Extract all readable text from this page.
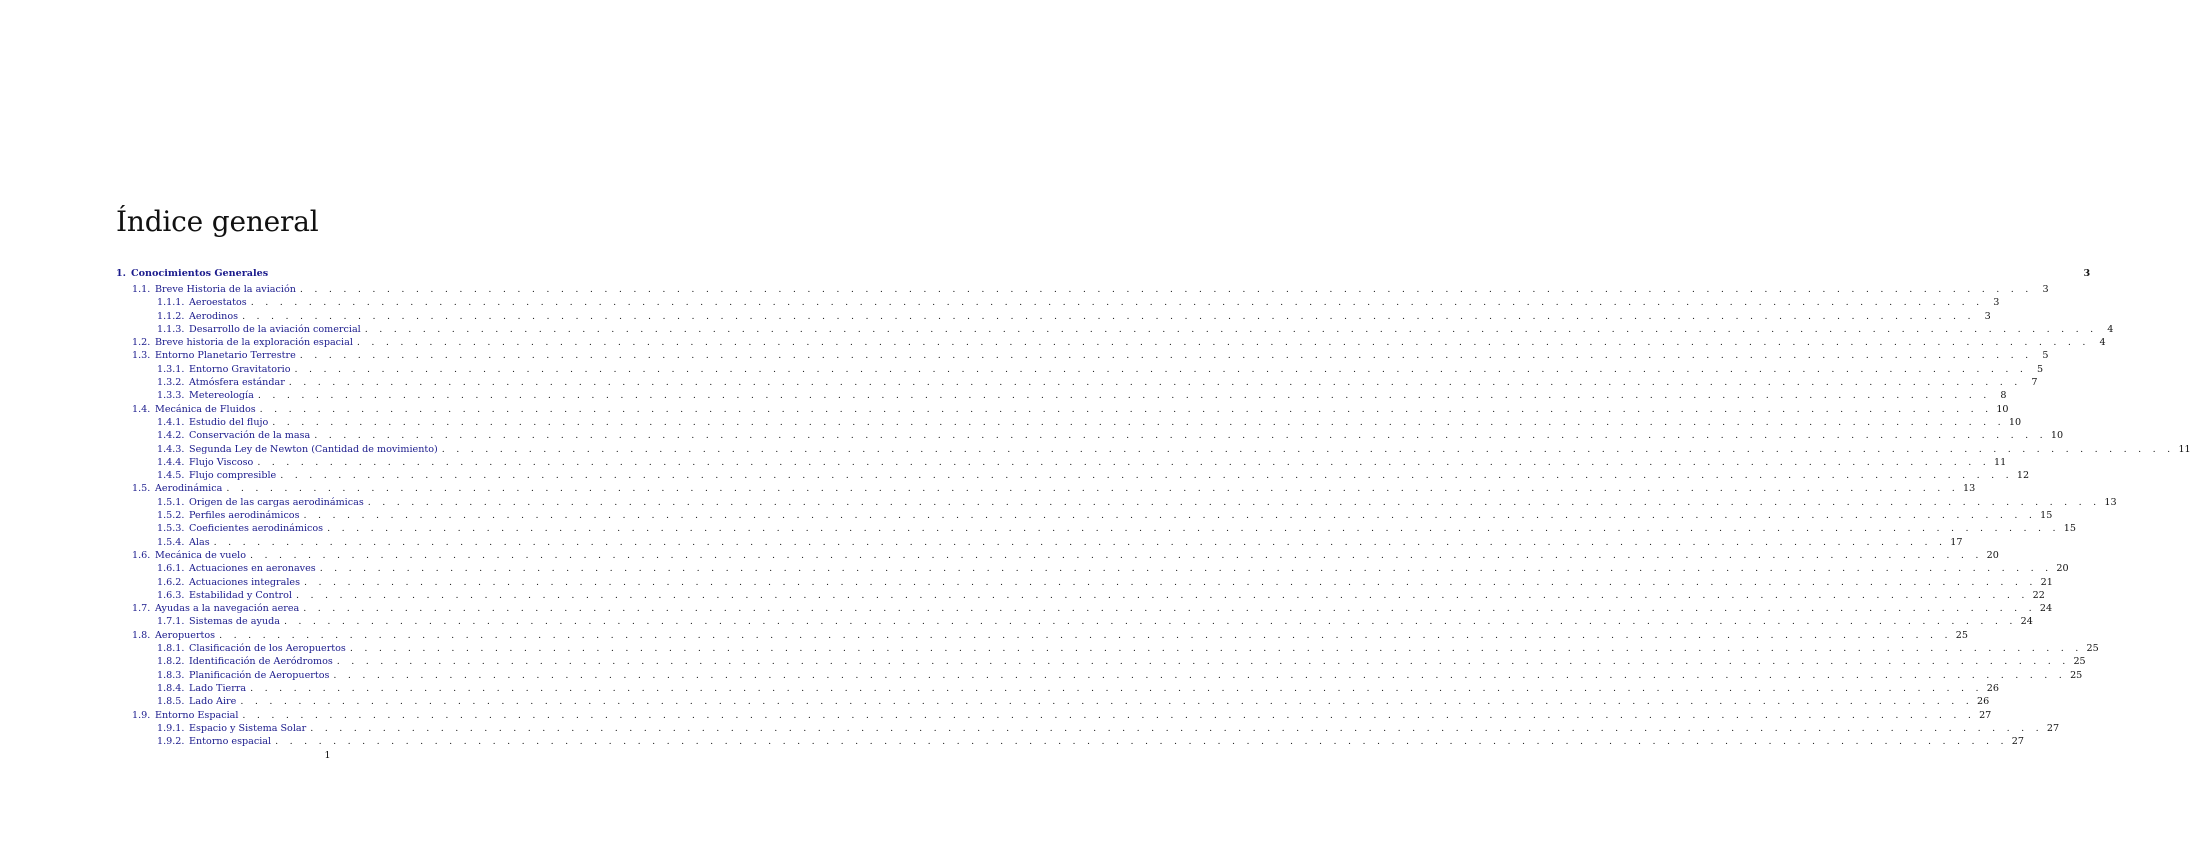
Índice general
1. Conocimientos Generales	3
1.1. Breve Historia de la aviación . . . . . . . . . . . . . . . . . . . . . . . . . . . . . . . . . . . . . . . . . . . . . . . . . . . . . . . . . . . . . . . . . . . . . . . . . . . . . . . . . . . . . . . . . . . . . . . . . . . . . . . . . . . . . . . . . . . . . . . .	3
1.1.1. Aeroestatos . . . . . . . . . . . . . . . . . . . . . . . . . . . . . . . . . . . . . . . . . . . . . . . . . . . . . . . . . . . . . . . . . . . . . . . . . . . . . . . . . . . . . . . . . . . . . . . . . . . . . . . . . . . . . . . . . . . . . . . .	3
1.1.2. Aerodinos . . . . . . . . . . . . . . . . . . . . . . . . . . . . . . . . . . . . . . . . . . . . . . . . . . . . . . . . . . . . . . . . . . . . . . . . . . . . . . . . . . . . . . . . . . . . . . . . . . . . . . . . . . . . . . . . . . . . . . . .	3
1.1.3. Desarrollo de la aviación comercial . . . . . . . . . . . . . . . . . . . . . . . . . . . . . . . . . . . . . . . . . . . . . . . . . . . . . . . . . . . . . . . . . . . . . . . . . . . . . . . . . . . . . . . . . . . . . . . . . . . . . . . . . . . . . . . . . . . . . . . .	4
1.2. Breve historia de la exploración espacial . . . . . . . . . . . . . . . . . . . . . . . . . . . . . . . . . . . . . . . . . . . . . . . . . . . . . . . . . . . . . . . . . . . . . . . . . . . . . . . . . . . . . . . . . . . . . . . . . . . . . . . . . . . . . . . . . . . . . . . .	4
1.3. Entorno Planetario Terrestre . . . . . . . . . . . . . . . . . . . . . . . . . . . . . . . . . . . . . . . . . . . . . . . . . . . . . . . . . . . . . . . . . . . . . . . . . . . . . . . . . . . . . . . . . . . . . . . . . . . . . . . . . . . . . . . . . . . . . . . .	5
1.3.1. Entorno Gravitatorio . . . . . . . . . . . . . . . . . . . . . . . . . . . . . . . . . . . . . . . . . . . . . . . . . . . . . . . . . . . . . . . . . . . . . . . . . . . . . . . . . . . . . . . . . . . . . . . . . . . . . . . . . . . . . . . . . . . . . . . .	5
1.3.2. Atmósfera estándar . . . . . . . . . . . . . . . . . . . . . . . . . . . . . . . . . . . . . . . . . . . . . . . . . . . . . . . . . . . . . . . . . . . . . . . . . . . . . . . . . . . . . . . . . . . . . . . . . . . . . . . . . . . . . . . . . . . . . . . .	7
1.3.3. Metereología . . . . . . . . . . . . . . . . . . . . . . . . . . . . . . . . . . . . . . . . . . . . . . . . . . . . . . . . . . . . . . . . . . . . . . . . . . . . . . . . . . . . . . . . . . . . . . . . . . . . . . . . . . . . . . . . . . . . . . . .	8
1.4. Mecánica de Fluidos . . . . . . . . . . . . . . . . . . . . . . . . . . . . . . . . . . . . . . . . . . . . . . . . . . . . . . . . . . . . . . . . . . . . . . . . . . . . . . . . . . . . . . . . . . . . . . . . . . . . . . . . . . . . . . . . . . . . . . . . 10
1.4.1. Estudio del flujo . . . . . . . . . . . . . . . . . . . . . . . . . . . . . . . . . . . . . . . . . . . . . . . . . . . . . . . . . . . . . . . . . . . . . . . . . . . . . . . . . . . . . . . . . . . . . . . . . . . . . . . . . . . . . . . . . . . . . . . . 10
1.4.2. Conservación de la masa . . . . . . . . . . . . . . . . . . . . . . . . . . . . . . . . . . . . . . . . . . . . . . . . . . . . . . . . . . . . . . . . . . . . . . . . . . . . . . . . . . . . . . . . . . . . . . . . . . . . . . . . . . . . . . . . . . . . . . . . 10
1.4.3. Segunda Ley de Newton (Cantidad de movimiento) . . . . . . . . . . . . . . . . . . . . . . . . . . . . . . . . . . . . . . . . . . . . . . . . . . . . . . . . . . . . . . . . . . . . . . . . . . . . . . . . . . . . . . . . . . . . . . . . . . . . . . . . . . . . . . . . . . . . . . . . 11
1.4.4. Flujo Viscoso . . . . . . . . . . . . . . . . . . . . . . . . . . . . . . . . . . . . . . . . . . . . . . . . . . . . . . . . . . . . . . . . . . . . . . . . . . . . . . . . . . . . . . . . . . . . . . . . . . . . . . . . . . . . . . . . . . . . . . . . 11
1.4.5. Flujo compresible . . . . . . . . . . . . . . . . . . . . . . . . . . . . . . . . . . . . . . . . . . . . . . . . . . . . . . . . . . . . . . . . . . . . . . . . . . . . . . . . . . . . . . . . . . . . . . . . . . . . . . . . . . . . . . . . . . . . . . . . 12
1.5. Aerodinámica . . . . . . . . . . . . . . . . . . . . . . . . . . . . . . . . . . . . . . . . . . . . . . . . . . . . . . . . . . . . . . . . . . . . . . . . . . . . . . . . . . . . . . . . . . . . . . . . . . . . . . . . . . . . . . . . . . . . . . . . 13
1.5.1. Origen de las cargas aerodinámicas . . . . . . . . . . . . . . . . . . . . . . . . . . . . . . . . . . . . . . . . . . . . . . . . . . . . . . . . . . . . . . . . . . . . . . . . . . . . . . . . . . . . . . . . . . . . . . . . . . . . . . . . . . . . . . . . . . . . . . . . 13
1.5.2. Perfiles aerodinámicos . . . . . . . . . . . . . . . . . . . . . . . . . . . . . . . . . . . . . . . . . . . . . . . . . . . . . . . . . . . . . . . . . . . . . . . . . . . . . . . . . . . . . . . . . . . . . . . . . . . . . . . . . . . . . . . . . . . . . . . . 15
1.5.3. Coeficientes aerodinámicos . . . . . . . . . . . . . . . . . . . . . . . . . . . . . . . . . . . . . . . . . . . . . . . . . . . . . . . . . . . . . . . . . . . . . . . . . . . . . . . . . . . . . . . . . . . . . . . . . . . . . . . . . . . . . . . . . . . . . . . . 15
1.5.4. Alas . . . . . . . . . . . . . . . . . . . . . . . . . . . . . . . . . . . . . . . . . . . . . . . . . . . . . . . . . . . . . . . . . . . . . . . . . . . . . . . . . . . . . . . . . . . . . . . . . . . . . . . . . . . . . . . . . . . . . . . . 17
1.6. Mecánica de vuelo . . . . . . . . . . . . . . . . . . . . . . . . . . . . . . . . . . . . . . . . . . . . . . . . . . . . . . . . . . . . . . . . . . . . . . . . . . . . . . . . . . . . . . . . . . . . . . . . . . . . . . . . . . . . . . . . . . . . . . . . 20
1.6.1. Actuaciones en aeronaves . . . . . . . . . . . . . . . . . . . . . . . . . . . . . . . . . . . . . . . . . . . . . . . . . . . . . . . . . . . . . . . . . . . . . . . . . . . . . . . . . . . . . . . . . . . . . . . . . . . . . . . . . . . . . . . . . . . . . . . . 20
1.6.2. Actuaciones integrales . . . . . . . . . . . . . . . . . . . . . . . . . . . . . . . . . . . . . . . . . . . . . . . . . . . . . . . . . . . . . . . . . . . . . . . . . . . . . . . . . . . . . . . . . . . . . . . . . . . . . . . . . . . . . . . . . . . . . . . . 21
1.6.3. Estabilidad y Control . . . . . . . . . . . . . . . . . . . . . . . . . . . . . . . . . . . . . . . . . . . . . . . . . . . . . . . . . . . . . . . . . . . . . . . . . . . . . . . . . . . . . . . . . . . . . . . . . . . . . . . . . . . . . . . . . . . . . . . . 22
1.7. Ayudas a la navegación aerea . . . . . . . . . . . . . . . . . . . . . . . . . . . . . . . . . . . . . . . . . . . . . . . . . . . . . . . . . . . . . . . . . . . . . . . . . . . . . . . . . . . . . . . . . . . . . . . . . . . . . . . . . . . . . . . . . . . . . . . . 24
1.7.1. Sistemas de ayuda . . . . . . . . . . . . . . . . . . . . . . . . . . . . . . . . . . . . . . . . . . . . . . . . . . . . . . . . . . . . . . . . . . . . . . . . . . . . . . . . . . . . . . . . . . . . . . . . . . . . . . . . . . . . . . . . . . . . . . . . 24
1.8. Aeropuertos . . . . . . . . . . . . . . . . . . . . . . . . . . . . . . . . . . . . . . . . . . . . . . . . . . . . . . . . . . . . . . . . . . . . . . . . . . . . . . . . . . . . . . . . . . . . . . . . . . . . . . . . . . . . . . . . . . . . . . . . 25
1.8.1. Clasificación de los Aeropuertos . . . . . . . . . . . . . . . . . . . . . . . . . . . . . . . . . . . . . . . . . . . . . . . . . . . . . . . . . . . . . . . . . . . . . . . . . . . . . . . . . . . . . . . . . . . . . . . . . . . . . . . . . . . . . . . . . . . . . . . . 25
1.8.2. Identificación de Aeródromos . . . . . . . . . . . . . . . . . . . . . . . . . . . . . . . . . . . . . . . . . . . . . . . . . . . . . . . . . . . . . . . . . . . . . . . . . . . . . . . . . . . . . . . . . . . . . . . . . . . . . . . . . . . . . . . . . . . . . . . . 25
1.8.3. Planificación de Aeropuertos . . . . . . . . . . . . . . . . . . . . . . . . . . . . . . . . . . . . . . . . . . . . . . . . . . . . . . . . . . . . . . . . . . . . . . . . . . . . . . . . . . . . . . . . . . . . . . . . . . . . . . . . . . . . . . . . . . . . . . . . 25
1.8.4. Lado Tierra . . . . . . . . . . . . . . . . . . . . . . . . . . . . . . . . . . . . . . . . . . . . . . . . . . . . . . . . . . . . . . . . . . . . . . . . . . . . . . . . . . . . . . . . . . . . . . . . . . . . . . . . . . . . . . . . . . . . . . . . 26
1.8.5. Lado Aire . . . . . . . . . . . . . . . . . . . . . . . . . . . . . . . . . . . . . . . . . . . . . . . . . . . . . . . . . . . . . . . . . . . . . . . . . . . . . . . . . . . . . . . . . . . . . . . . . . . . . . . . . . . . . . . . . . . . . . . . 26
1.9. Entorno Espacial . . . . . . . . . . . . . . . . . . . . . . . . . . . . . . . . . . . . . . . . . . . . . . . . . . . . . . . . . . . . . . . . . . . . . . . . . . . . . . . . . . . . . . . . . . . . . . . . . . . . . . . . . . . . . . . . . . . . . . . . 27
1.9.1. Espacio y Sistema Solar . . . . . . . . . . . . . . . . . . . . . . . . . . . . . . . . . . . . . . . . . . . . . . . . . . . . . . . . . . . . . . . . . . . . . . . . . . . . . . . . . . . . . . . . . . . . . . . . . . . . . . . . . . . . . . . . . . . . . . . . 27
1.9.2. Entorno espacial . . . . . . . . . . . . . . . . . . . . . . . . . . . . . . . . . . . . . . . . . . . . . . . . . . . . . . . . . . . . . . . . . . . . . . . . . . . . . . . . . . . . . . . . . . . . . . . . . . . . . . . . . . . . . . . . . . . . . . . . 27
1
